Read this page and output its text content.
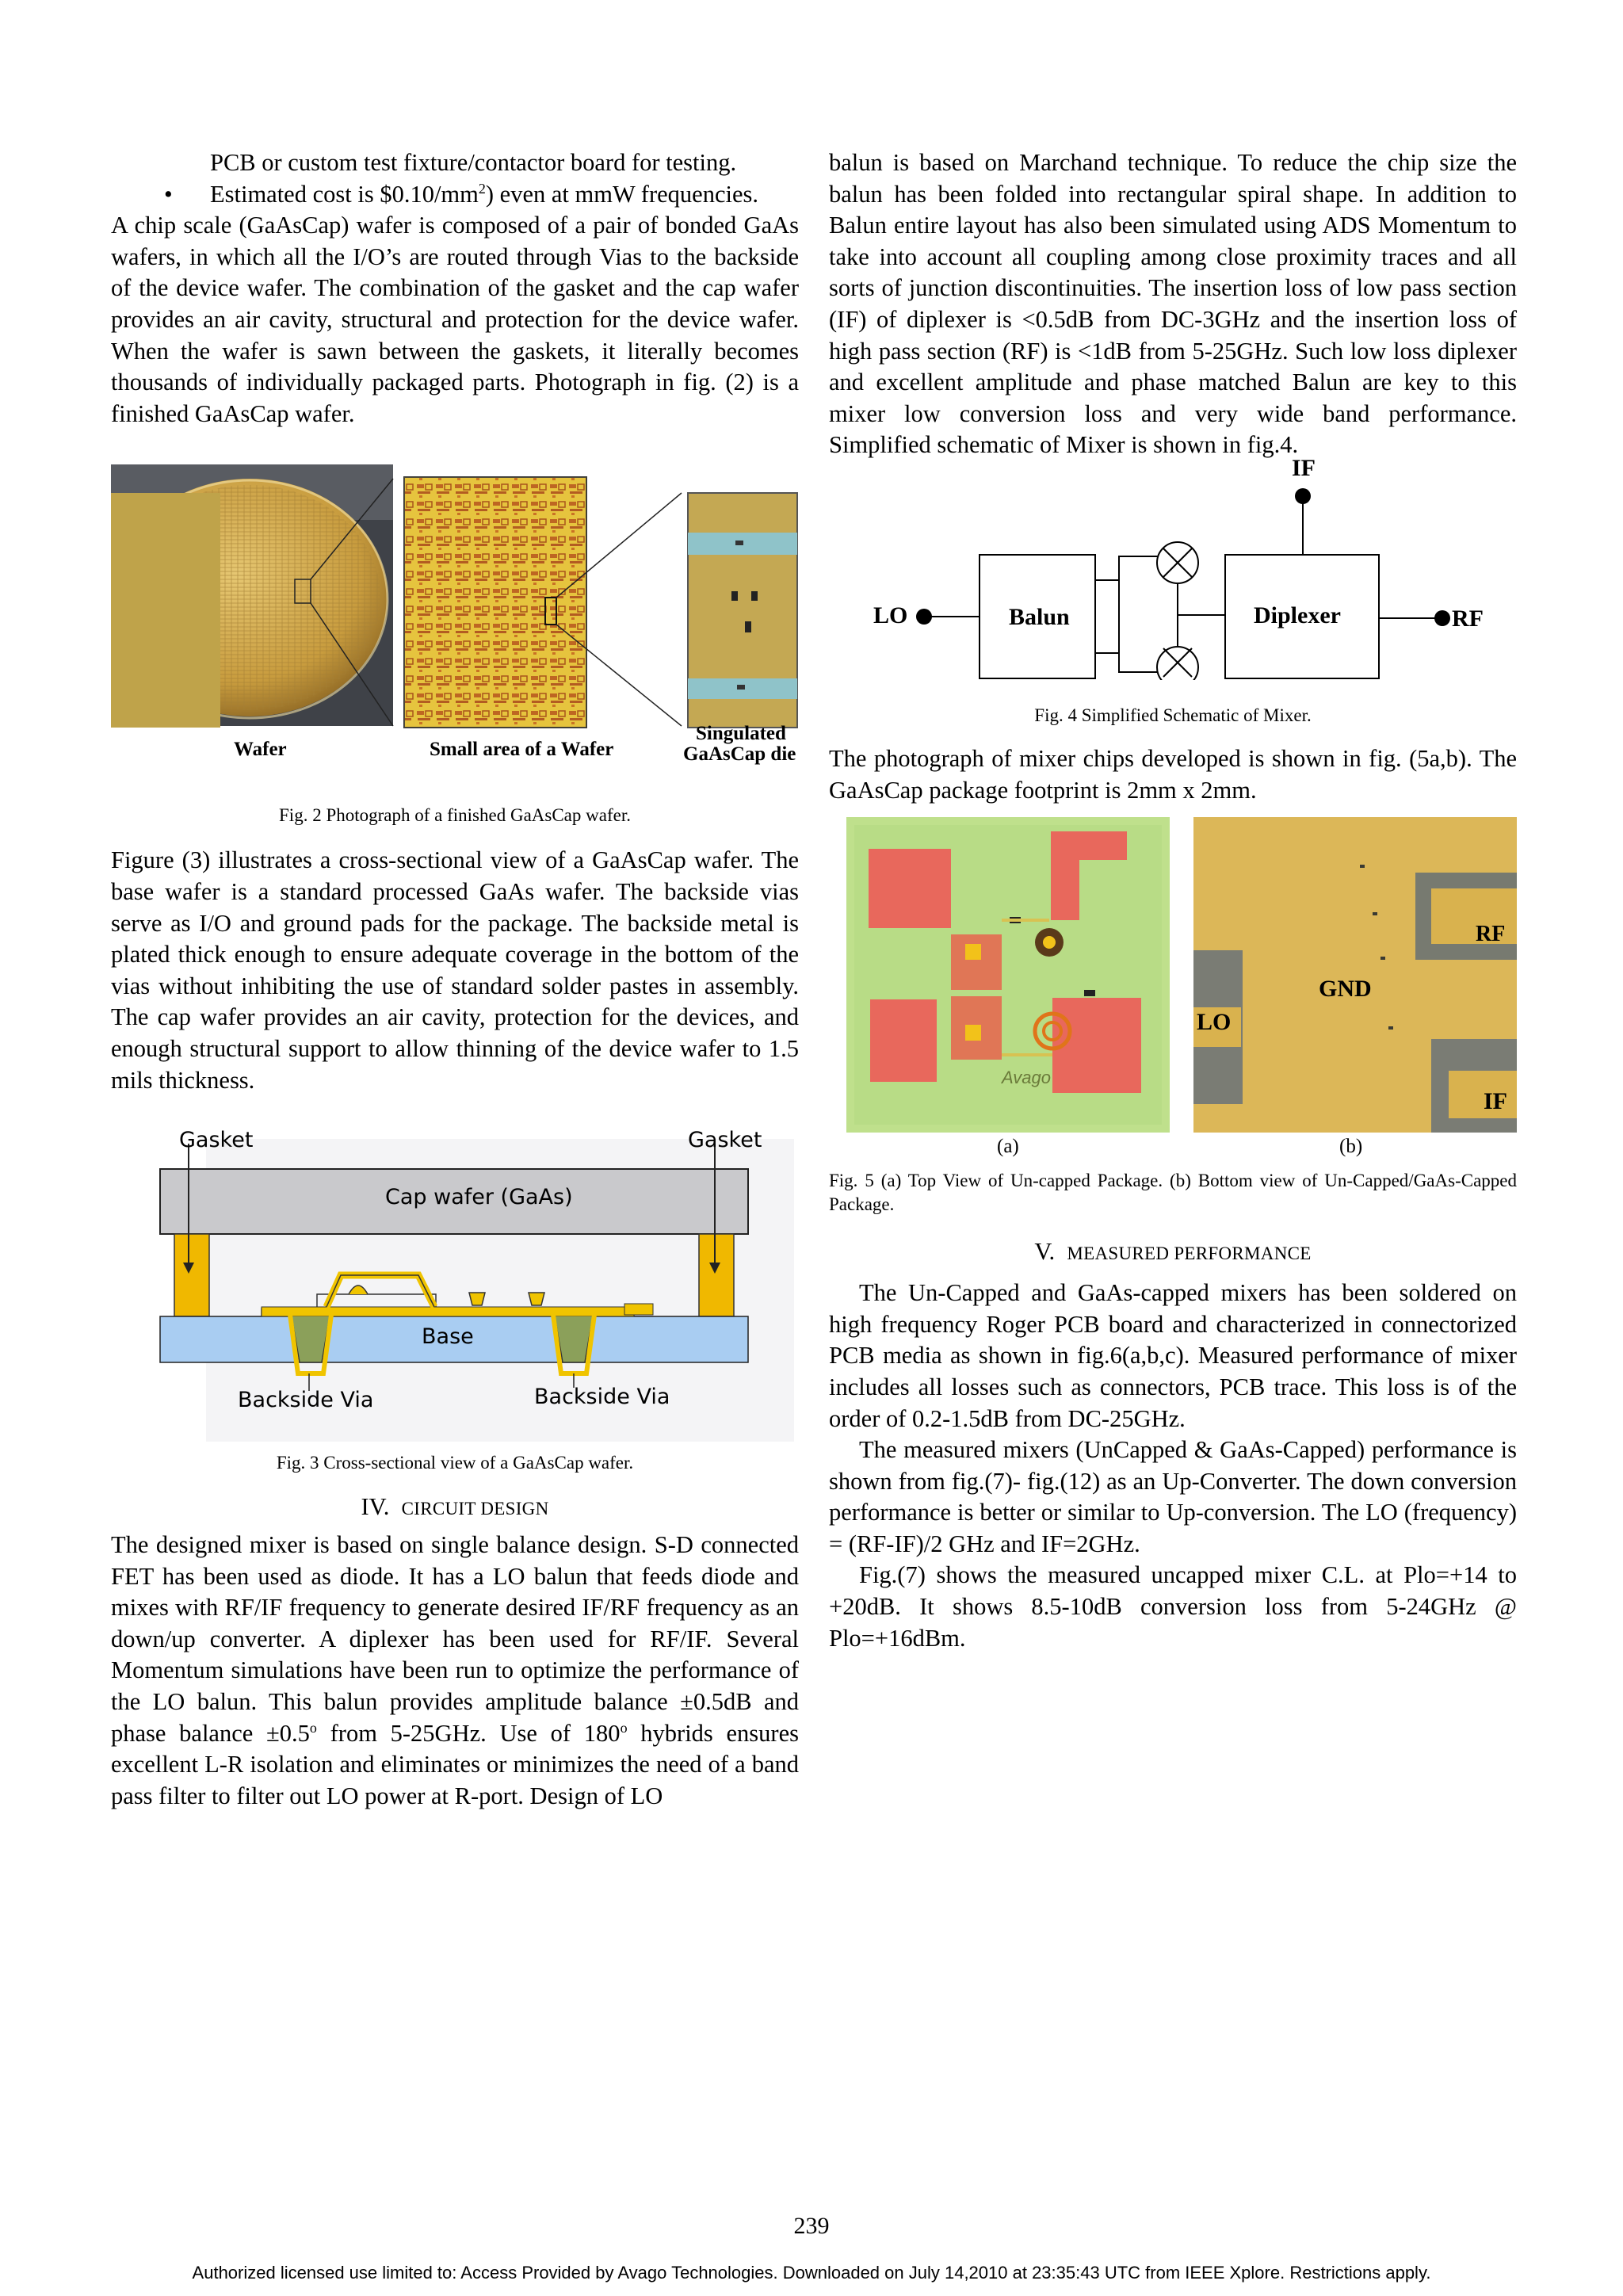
PCB or custom test fixture/contactor board for testing.
• Estimated cost is $\$0.10/mm^2$) even at mmW frequencies.

A chip scale (GaAsCap) wafer is composed of a pair of bonded GaAs wafers, in which all the I/O’s are routed through Vias to the backside of the device wafer. The combination of the gasket and the cap wafer provides an air cavity, structural and protection for the device wafer. When the wafer is sawn between the gaskets, it literally becomes thousands of individually packaged parts. Photograph in fig. (2) is a finished GaAsCap wafer.

Wafer	Small area of a Wafer
Singulated
GaAsCap die

Fig. 2 Photograph of a finished GaAsCap wafer.

Figure (3) illustrates a cross-sectional view of a GaAsCap wafer. The base wafer is a standard processed GaAs wafer. The backside vias serve as I/O and ground pads for the package. The backside metal is plated thick enough to ensure adequate coverage in the bottom of the vias without inhibiting the use of standard solder pastes in assembly. The cap wafer provides an air cavity, protection for the devices, and enough structural support to allow thinning of the device wafer to 1.5 mils thickness.

Gasket	Gasket
Cap wafer (GaAs)
Base
Backside Via	Backside Via

Fig. 3 Cross-sectional view of a GaAsCap wafer.

IV. CIRCUIT DESIGN

The designed mixer is based on single balance design. S-D connected FET has been used as diode. It has a LO balun that feeds diode and mixes with RF/IF frequency to generate desired IF/RF frequency as an down/up converter. A diplexer has been used for RF/IF. Several Momentum simulations have been run to optimize the performance of the LO balun. This balun provides amplitude balance ±0.5dB and phase balance $\pm 0.5^o$ from 5-25GHz. Use of 180$^o$ hybrids ensures excellent L-R isolation and eliminates or minimizes the need of a band pass filter to filter out LO power at R-port. Design of LO

balun is based on Marchand technique. To reduce the chip size the balun has been folded into rectangular spiral shape. In addition to Balun entire layout has also been simulated using ADS Momentum to take into account all coupling among close proximity traces and all sorts of junction discontinuities. The insertion loss of low pass section (IF) of diplexer is <0.5dB from DC-3GHz and the insertion loss of high pass section (RF) is <1dB from 5-25GHz. Such low loss diplexer and excellent amplitude and phase matched Balun are key to this mixer low conversion loss and very wide band performance. Simplified schematic of Mixer is shown in fig.4.

IF
LO	Balun	Diplexer	RF

Fig. 4 Simplified Schematic of Mixer.

The photograph of mixer chips developed is shown in fig. (5a,b). The GaAsCap package footprint is 2mm x 2mm.

Avago
RF
GND
LO
IF
(a)	(b)

Fig. 5 (a) Top View of Un-capped Package. (b) Bottom view of Un-Capped/GaAs-Capped Package.

V. MEASURED PERFORMANCE

The Un-Capped and GaAs-capped mixers has been soldered on high frequency Roger PCB board and characterized in connectorized PCB media as shown in fig.6(a,b,c). Measured performance of mixer includes all losses such as connectors, PCB trace. This loss is of the order of 0.2-1.5dB from DC-25GHz.

The measured mixers (UnCapped & GaAs-Capped) performance is shown from fig.(7)- fig.(12) as an Up-Converter. The down conversion performance is better or similar to Up-conversion. The LO (frequency) = (RF-IF)/2 GHz and IF=2GHz.

Fig.(7) shows the measured uncapped mixer C.L. at Plo=+14 to +20dB. It shows 8.5-10dB conversion loss from 5-24GHz @ Plo=+16dBm.

239
Authorized licensed use limited to: Access Provided by Avago Technologies. Downloaded on July 14,2010 at 23:35:43 UTC from IEEE Xplore. Restrictions apply.
